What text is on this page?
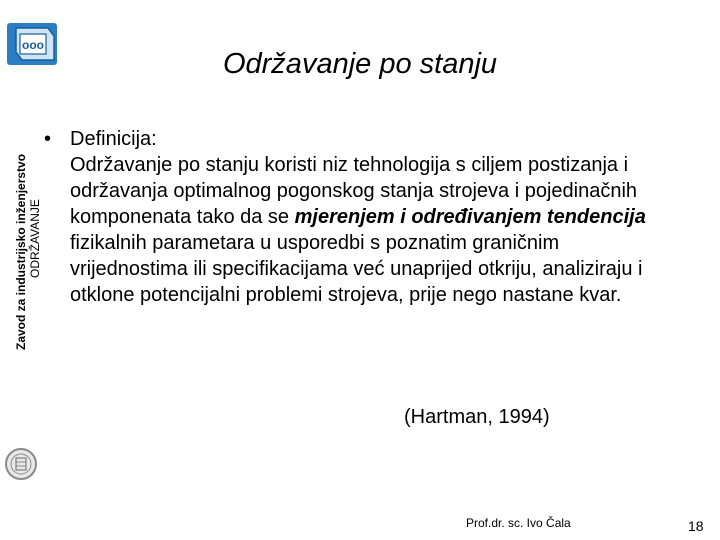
ooo
Zavod za industrijsko inženjerstvo ODRŽAVANJE
Održavanje po stanju
• Definicija:

Održavanje po stanju koristi niz tehnologija s ciljem postizanja i održavanja optimalnog pogonskog stanja strojeva i pojedinačnih komponenata tako da se mjerenjem i određivanjem tendencija fizikalnih parametara u usporedbi s poznatim graničnim vrijednostima ili specifikacijama već unaprijed otkriju, analiziraju i otklone potencijalni problemi strojeva, prije nego nastane kvar.

(Hartman, 1994)
Prof.dr. sc. Ivo Čala	18
